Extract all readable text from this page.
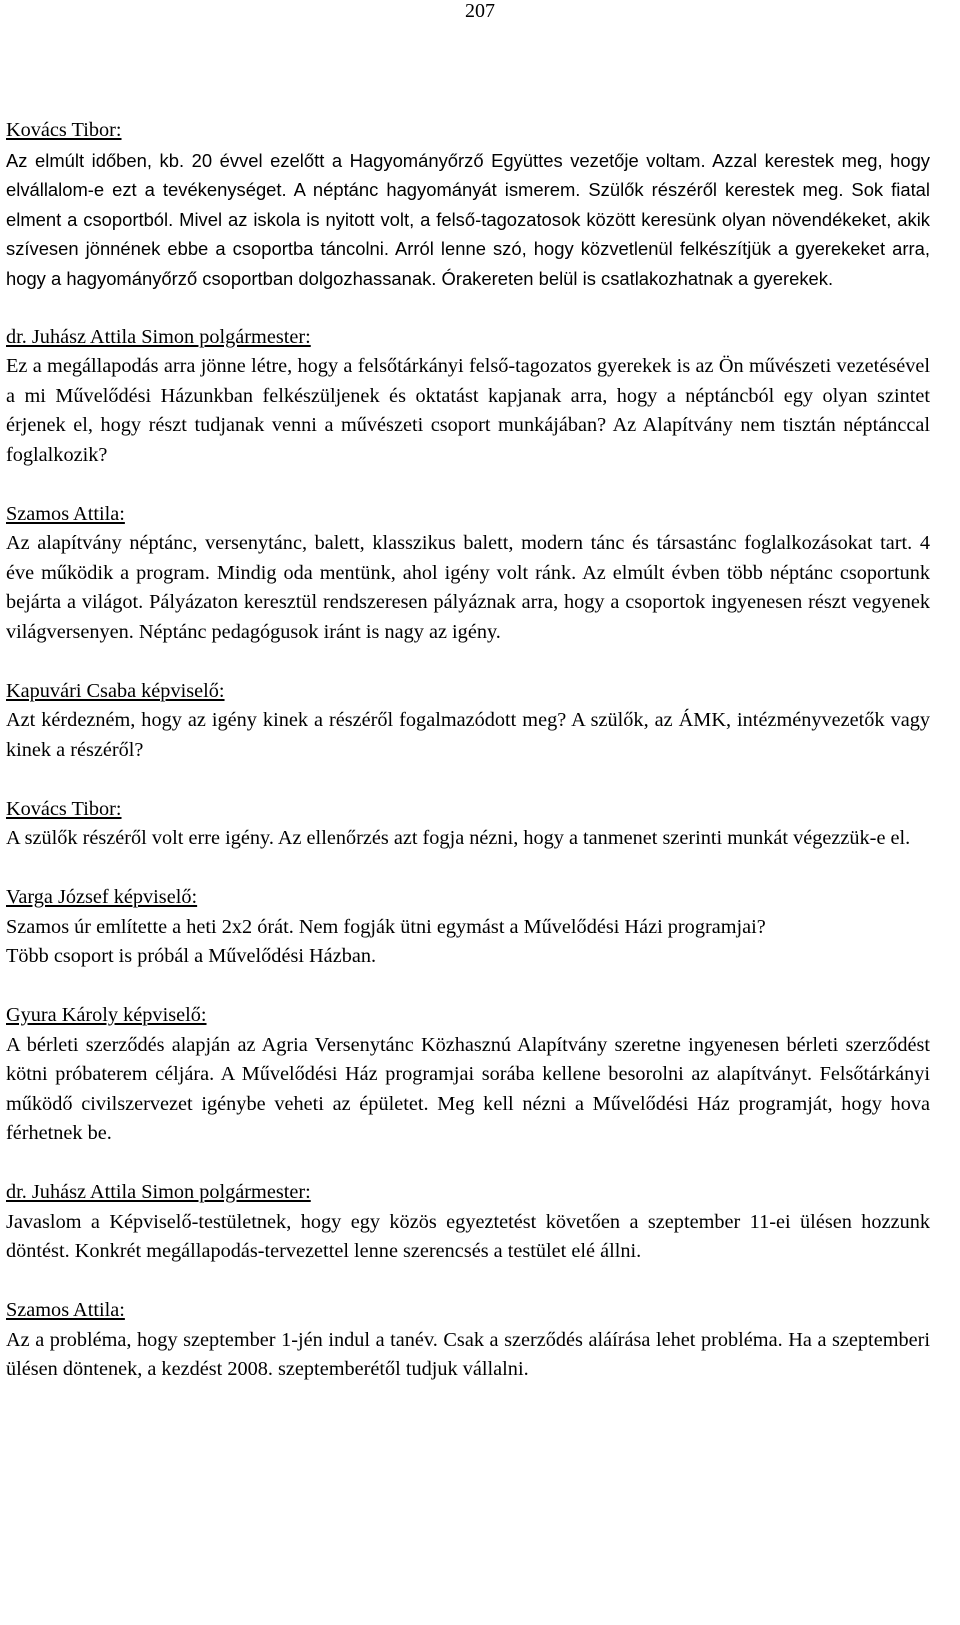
207
Kovács Tibor:

Az elmúlt időben, kb. 20 évvel ezelőtt a Hagyományőrző Együttes vezetője voltam. Azzal kerestek meg, hogy elvállalom-e ezt a tevékenységet. A néptánc hagyományát ismerem. Szülők részéről kerestek meg. Sok fiatal elment a csoportból. Mivel az iskola is nyitott volt, a felső-tagozatosok között keresünk olyan növendékeket, akik szívesen jönnének ebbe a csoportba táncolni. Arról lenne szó, hogy közvetlenül felkészítjük a gyerekeket arra, hogy a hagyományőrző csoportban dolgozhassanak. Órakereten belül is csatlakozhatnak a gyerekek.

dr. Juhász Attila Simon polgármester:

Ez a megállapodás arra jönne létre, hogy a felsőtárkányi felső-tagozatos gyerekek is az Ön művészeti vezetésével a mi Művelődési Házunkban felkészüljenek és oktatást kapjanak arra, hogy a néptáncból egy olyan szintet érjenek el, hogy részt tudjanak venni a művészeti csoport munkájában? Az Alapítvány nem tisztán néptánccal foglalkozik?

Szamos Attila:

Az alapítvány néptánc, versenytánc, balett, klasszikus balett, modern tánc és társastánc foglalkozásokat tart. 4 éve működik a program. Mindig oda mentünk, ahol igény volt ránk. Az elmúlt évben több néptánc csoportunk bejárta a világot. Pályázaton keresztül rendszeresen pályáznak arra, hogy a csoportok ingyenesen részt vegyenek világversenyen. Néptánc pedagógusok iránt is nagy az igény.

Kapuvári Csaba képviselő:

Azt kérdezném, hogy az igény kinek a részéről fogalmazódott meg? A szülők, az ÁMK, intézményvezetők vagy kinek a részéről?

Kovács Tibor:

A szülők részéről volt erre igény. Az ellenőrzés azt fogja nézni, hogy a tanmenet szerinti munkát végezzük-e el.

Varga József képviselő:

Szamos úr említette a heti 2x2 órát. Nem fogják ütni egymást a Művelődési Házi programjai?

Több csoport is próbál a Művelődési Házban.

Gyura Károly képviselő:

A bérleti szerződés alapján az Agria Versenytánc Közhasznú Alapítvány szeretne ingyenesen bérleti szerződést kötni próbaterem céljára. A Művelődési Ház programjai sorába kellene besorolni az alapítványt. Felsőtárkányi működő civilszervezet igénybe veheti az épületet. Meg kell nézni a Művelődési Ház programját, hogy hova férhetnek be.

dr. Juhász Attila Simon polgármester:

Javaslom a Képviselő-testületnek, hogy egy közös egyeztetést követően a szeptember 11-ei ülésen hozzunk döntést. Konkrét megállapodás-tervezettel lenne szerencsés a testület elé állni.

Szamos Attila:

Az a probléma, hogy szeptember 1-jén indul a tanév. Csak a szerződés aláírása lehet probléma. Ha a szeptemberi ülésen döntenek, a kezdést 2008. szeptemberétől tudjuk vállalni.
